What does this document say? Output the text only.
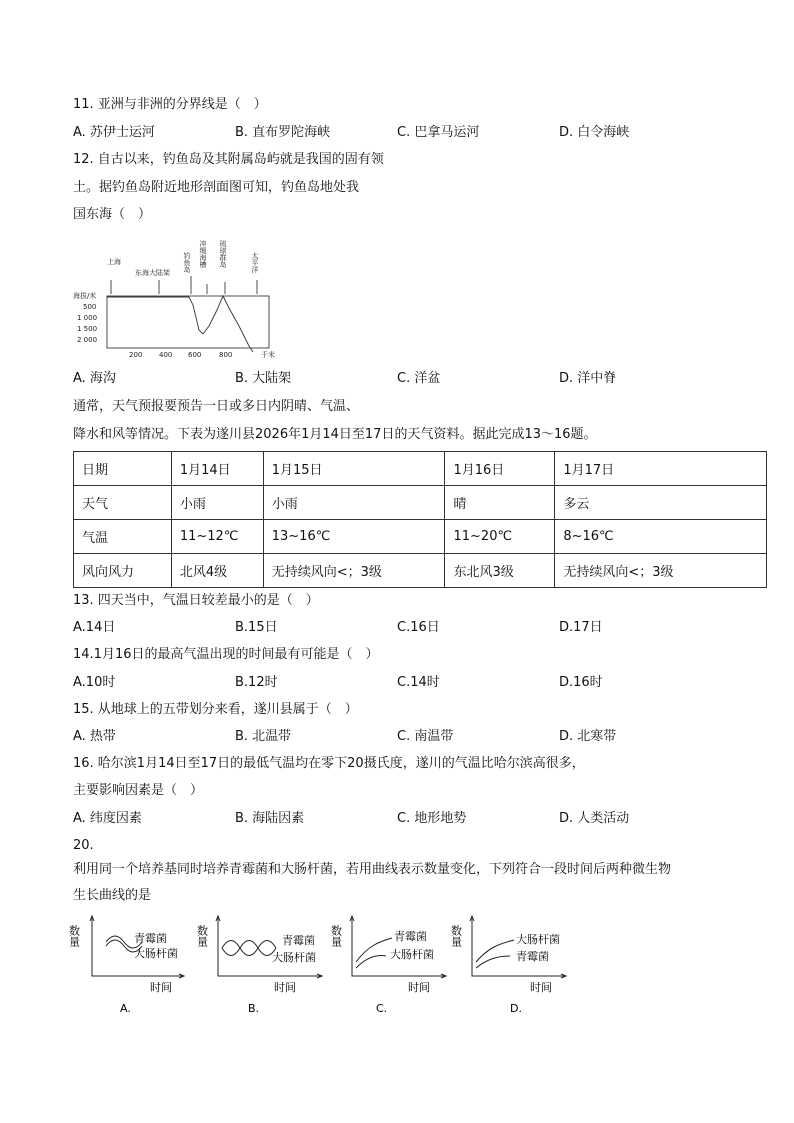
11. 亚洲与非洲的分界线是（　）
A. 苏伊士运河	B. 直布罗陀海峡	C. 巴拿马运河	D. 白令海峡
12. 自古以来，钓鱼岛及其附属岛屿就是我国的固有领
土。据钓鱼岛附近地形剖面图可知，钓鱼岛地处我
国东海（　）
上海
东海大陆架 钓鱼岛 冲绳海槽 琉球群岛	太平洋
海拔/米
500
1 000
1 500
2 000
200 400 600	800	千米
A. 海沟	B. 大陆架	C. 洋盆	D. 洋中脊
通常，天气预报要预告一日或多日内阴晴、气温、
降水和风等情况。下表为遂川县2026年1月14日至17日的天气资料。据此完成13～16题。
日期	1月14日	1月15日	1月16日	1月17日
天气	小雨	小雨	晴	多云
气温	11~12℃	13~16℃	11~20℃	8~16℃
风向风力	北风4级	无持续风向<；3级	东北风3级	无持续风向<；3级
13. 四天当中，气温日较差最小的是（　）
A.14日	B.15日	C.16日	D.17日
14.1月16日的最高气温出现的时间最有可能是（　）
A.10时	B.12时	C.14时	D.16时
15. 从地球上的五带划分来看，遂川县属于（　）
A. 热带	B. 北温带	C. 南温带	D. 北寒带
16. 哈尔滨1月14日至17日的最低气温均在零下20摄氏度，遂川的气温比哈尔滨高很多，
主要影响因素是（　）
A. 纬度因素	B. 海陆因素	C. 地形地势	D. 人类活动
20.
利用同一个培养基同时培养青霉菌和大肠杆菌，若用曲线表示数量变化，下列符合一段时间后两种微生物
生长曲线的是
数量	青霉菌
大肠杆菌
时间
A.
数量	青霉菌
大肠杆菌
时间
B.
数量	青霉菌
大肠杆菌
时间
C.
数量	大肠杆菌
青霉菌
时间
D.
